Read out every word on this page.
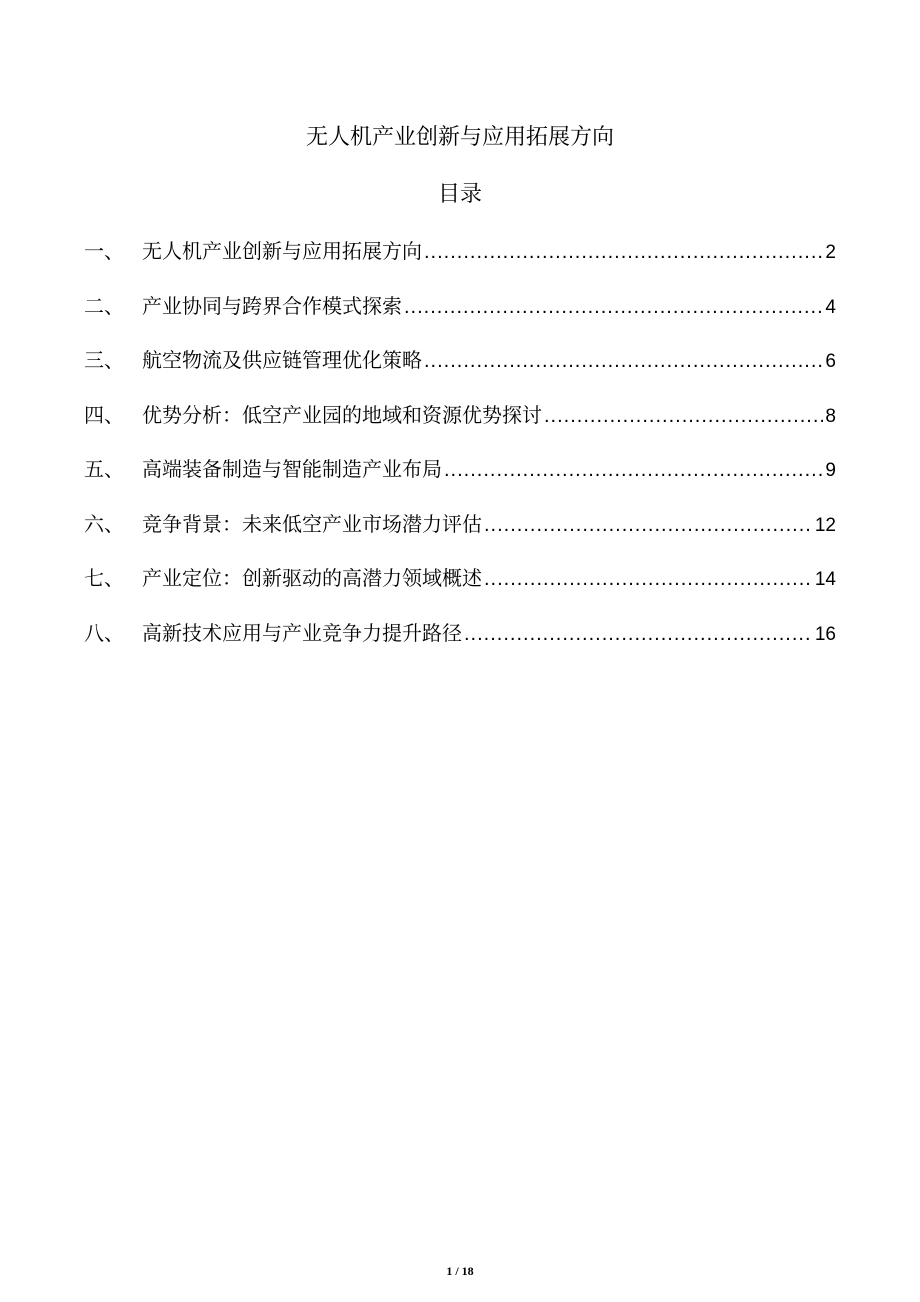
无人机产业创新与应用拓展方向
目录
一、 无人机产业创新与应用拓展方向 .....	2
二、 产业协同与跨界合作模式探索 .....	4
三、 航空物流及供应链管理优化策略 .....	6
四、 优势分析：低空产业园的地域和资源优势探讨 .....	8
五、 高端装备制造与智能制造产业布局 .....	9
六、 竞争背景：未来低空产业市场潜力评估 .....	12
七、 产业定位：创新驱动的高潜力领域概述 .....	14
八、 高新技术应用与产业竞争力提升路径 .....	16
1 / 18
